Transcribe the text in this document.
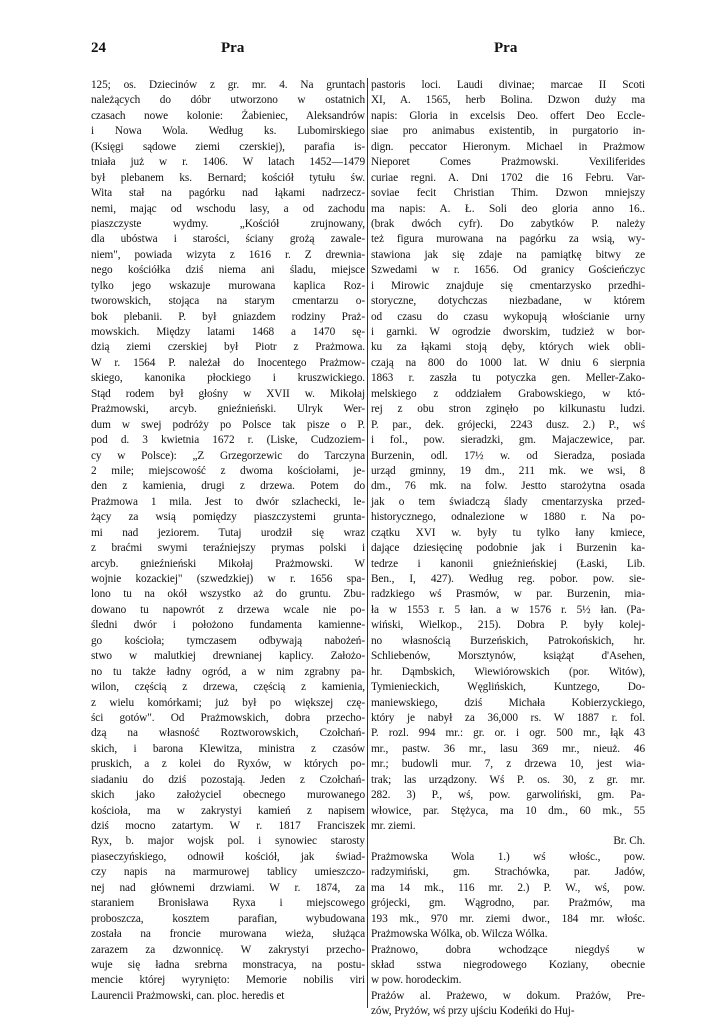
24	Pra	Pra
125; os. Dziecinów z gr. mr. 4. Na gruntach
należących do dóbr utworzono w ostatnich
czasach nowe kolonie: Żabieniec, Aleksandrów
i Nowa Wola. Według ks. Lubomirskiego
(Księgi sądowe ziemi czerskiej), parafia is-
tniała już w r. 1406. W latach 1452—1479
był plebanem ks. Bernard; kościół tytułu św.
Wita stał na pagórku nad łąkami nadrzecz-
nemi, mając od wschodu lasy, a od zachodu
piaszczyste wydmy. „Kościół zrujnowany,
dla ubóstwa i starości, ściany grożą zawale-
niem", powiada wizyta z 1616 r. Z drewnia-
nego kościółka dziś niema ani śladu, miejsce
tylko jego wskazuje murowana kaplica Roz-
tworowskich, stojąca na starym cmentarzu o-
bok plebanii. P. był gniazdem rodziny Praż-
mowskich. Między latami 1468 a 1470 sę-
dzią ziemi czerskiej był Piotr z Prażmowa.
W r. 1564 P. należał do Inocentego Prażmow-
skiego, kanonika płockiego i kruszwickiego.
Stąd rodem był głośny w XVII w. Mikołaj
Prażmowski, arcyb. gnieźnieński. Ulryk Wer-
dum w swej podróży po Polsce tak pisze o P.
pod d. 3 kwietnia 1672 r. (Liske, Cudzoziem-
cy w Polsce): „Z Grzegorzewic do Tarczyna
2 mile; miejscowość z dwoma kościołami, je-
den z kamienia, drugi z drzewa. Potem do
Prażmowa 1 mila. Jest to dwór szlachecki, le-
żący za wsią pomiędzy piaszczystemi grunta-
mi nad jeziorem. Tutaj urodził się wraz
z braćmi swymi teraźniejszy prymas polski i
arcyb. gnieźnieński Mikołaj Prażmowski. W
wojnie kozackiej" (szwedzkiej) w r. 1656 spa-
lono tu na okół wszystko aż do gruntu. Zbu-
dowano tu napowrót z drzewa wcale nie po-
śledni dwór i położono fundamenta kamienne-
go kościoła; tymczasem odbywają nabożeń-
stwo w malutkiej drewnianej kaplicy. Założo-
no tu także ładny ogród, a w nim zgrabny pa-
wilon, częścią z drzewa, częścią z kamienia,
z wielu komórkami; już był po większej czę-
ści gotów". Od Prażmowskich, dobra przecho-
dzą na własność Roztworowskich, Czołchań-
skich, i barona Klewitza, ministra z czasów
pruskich, a z kolei do Ryxów, w których po-
siadaniu do dziś pozostają. Jeden z Czołchań-
skich jako założyciel obecnego murowanego
kościoła, ma w zakrystyi kamień z napisem
dziś mocno zatartym. W r. 1817 Franciszek
Ryx, b. major wojsk pol. i synowiec starosty
piaseczyńskiego, odnowił kościół, jak świad-
czy napis na marmurowej tablicy umieszczo-
nej nad głównemi drzwiami. W r. 1874, za
staraniem Bronisława Ryxa i miejscowego
proboszcza, kosztem parafian, wybudowana
została na froncie murowana wieża, służąca
zarazem za dzwonnicę. W zakrystyi przecho-
wuje się ładna srebrna monstracya, na postu-
mencie której wyryniętо: Memorie nobilis viri
Laurencii Prażmowski, can. ploc. heredis et
pastoris loci. Laudi divinae; marcae II Scoti
XI, A. 1565, herb Bolina. Dzwon duży ma
napis: Gloria in excelsis Deo. offert Deo Eccle-
siae pro animabus existentib, in purgatorio in-
dign. peccator Hieronym. Michael in Prażmow
Nieporet Comes Prażmowski. Vexiliferides
curiae regni. A. Dni 1702 die 16 Febru. Var-
soviae fecit Christian Thim. Dzwon mniejszy
ma napis: A. Ł. Soli deo gloria anno 16..
(brak dwóch cyfr). Do zabytków P. należy
też figura murowana na pagórku za wsią, wy-
stawiona jak się zdaje na pamiątkę bitwy ze
Szwedami w r. 1656. Od granicy Gościeńczyc
i Mirowic znajduje się cmentarzysko przedhi-
storyczne, dotychczas niezbadane, w którem
od czasu do czasu wykopują włościanie urny
i garnki. W ogrodzie dworskim, tudzież w bor-
ku za łąkami stoją dęby, których wiek obli-
czają na 800 do 1000 lat. W dniu 6 sierpnia
1863 r. zaszła tu potyczka gen. Meller-Zako-
melskiego z oddziałem Grabowskiego, w któ-
rej z obu stron zginęło po kilkunastu ludzi.
P. par., dek. grójecki, 2243 dusz. 2.) P., wś
i fol., pow. sieradzki, gm. Majaczewice, par.
Burzenin, odl. 17½ w. od Sieradza, posiada
urząd gminny, 19 dm., 211 mk. we wsi, 8
dm., 76 mk. na folw. Jestto starożytna osada
jak o tem świadczą ślady cmentarzyska przed-
historycznego, odnalezione w 1880 r. Na po-
czątku XVI w. były tu tylko łany kmiece,
dające dziesięcinę podobnie jak i Burzenin ka-
tedrze i kanonii gnieźnieńskiej (Łaski, Lib.
Ben., I, 427). Według reg. pobor. pow. sie-
radzkiego wś Prasmów, w par. Burzenin, mia-
ła w 1553 r. 5 łan. a w 1576 r. 5½ łan. (Pa-
wiński, Wielkop., 215). Dobra P. były kolej-
no własnością Burzeńskich, Patrokońskich, hr.
Schliebenów, Morsztynów, książąt d'Asehen,
hr. Dąmbskich, Wiewiórowskich (por. Witów),
Tymienieckich, Węglińskich, Kuntzego, Do-
maniewskiego, dziś Michała Kobierzyckiego,
który je nabył za 36,000 rs. W 1887 r. fol.
P. rozl. 994 mr.: gr. or. i ogr. 500 mr., łąk 43
mr., pastw. 36 mr., lasu 369 mr., nieuż. 46
mr.; budowli mur. 7, z drzewa 10, jest wia-
trak; las urządzony. Wś P. os. 30, z gr. mr.
282. 3) P., wś, pow. garwoliński, gm. Pa-
włowice, par. Stężyca, ma 10 dm., 60 mk., 55
mr. ziemi.
Br. Ch.
Prażmowska Wola 1.) wś włośc., pow.
radzymiński, gm. Strachówka, par. Jadów,
ma 14 mk., 116 mr. 2.) P. W., wś, pow.
grójecki, gm. Wągrodno, par. Prażmów, ma
193 mk., 970 mr. ziemi dwor., 184 mr. włośc.
Prażmowska Wólka, ob. Wilcza Wólka.
Prażnowo, dobra wchodzące niegdyś w
skład sstwa niegrodowego Koziany, obecnie
w pow. horodeckim.
Prażów al. Prażewo, w dokum. Prażów, Pre-
zów, Pryżów, wś przy ujściu Kodeńki do Huj-
